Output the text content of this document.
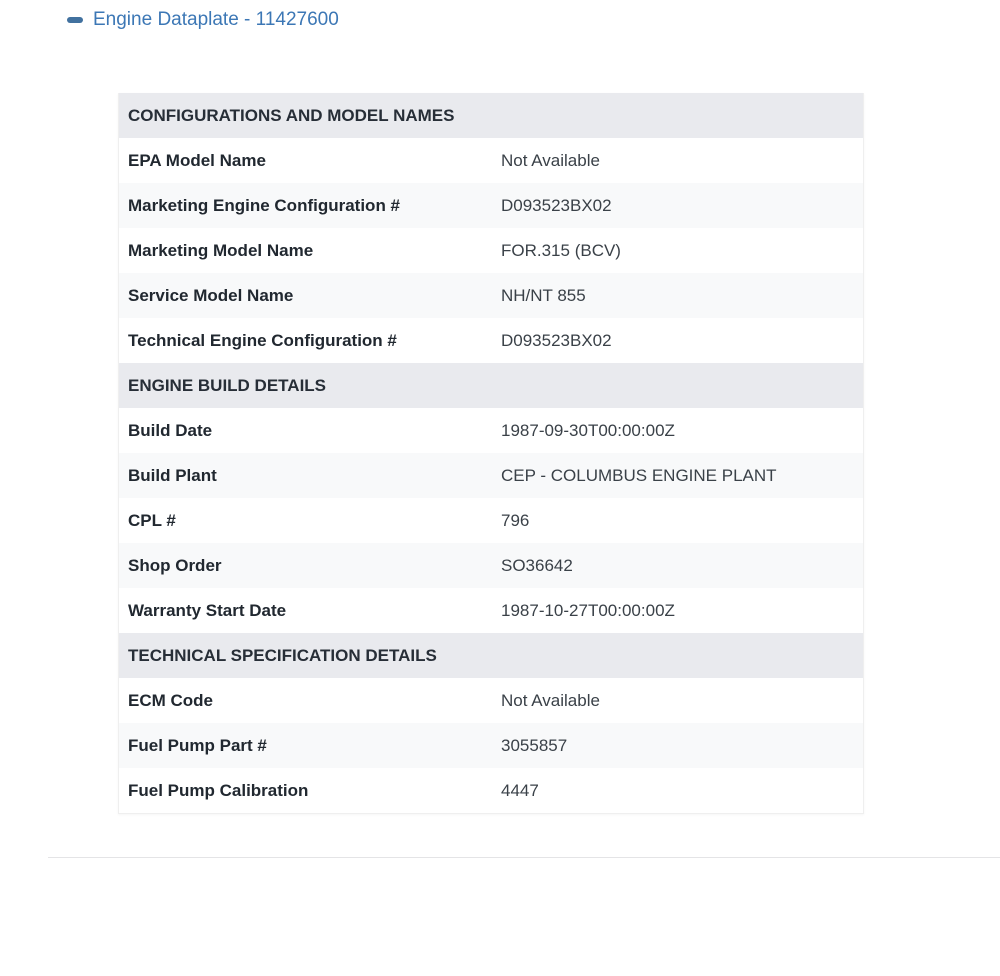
Engine Dataplate - 11427600
CONFIGURATIONS AND MODEL NAMES
EPA Model Name	Not Available
Marketing Engine Configuration #	D093523BX02
Marketing Model Name	FOR.315 (BCV)
Service Model Name	NH/NT 855
Technical Engine Configuration #	D093523BX02
ENGINE BUILD DETAILS
Build Date	1987-09-30T00:00:00Z
Build Plant	CEP - COLUMBUS ENGINE PLANT
CPL #	796
Shop Order	SO36642
Warranty Start Date	1987-10-27T00:00:00Z
TECHNICAL SPECIFICATION DETAILS
ECM Code	Not Available
Fuel Pump Part #	3055857
Fuel Pump Calibration	4447
